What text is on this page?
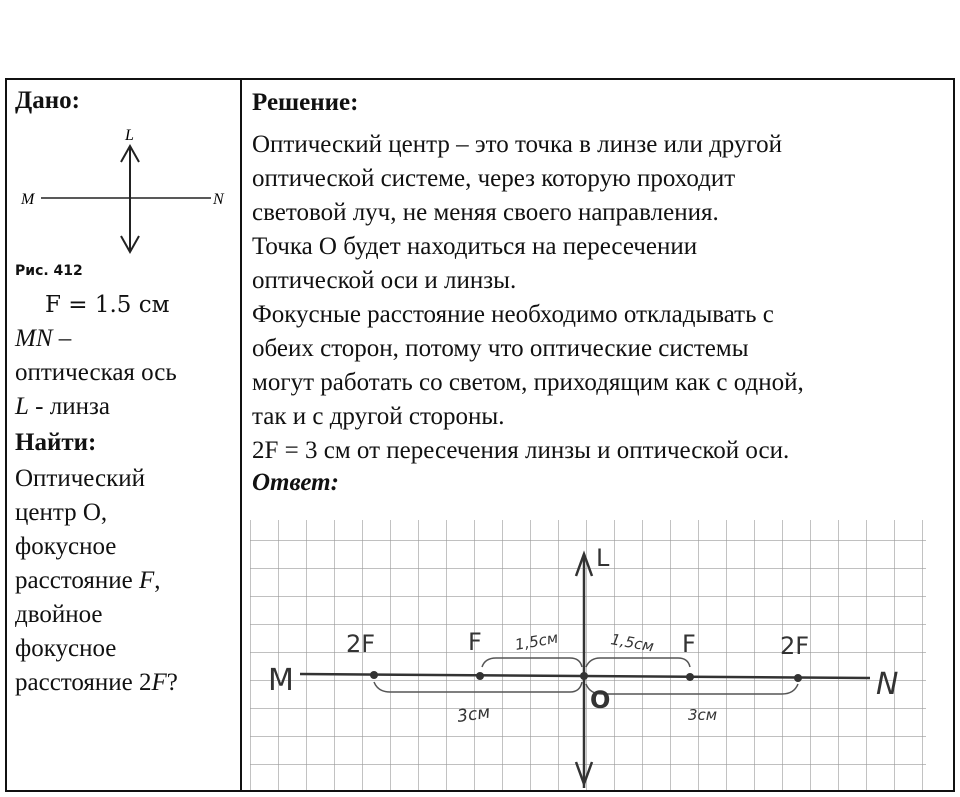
Дано:
L
M	N
Рис. 412
F = 1.5 см
MN –
оптическая ось
L - линза
Найти:
Оптический
центр О,
фокусное
расстояние F,
двойное
фокусное
расстояние 2F?
Решение:
Оптический центр – это точка в линзе или другой
оптической системе, через которую проходит
световой луч, не меняя своего направления.
Точка О будет находиться на пересечении
оптической оси и линзы.
Фокусные расстояние необходимо откладывать с
обеих сторон, потому что оптические системы
могут работать со светом, приходящим как с одной,
так и с другой стороны.
2F = 3 см от пересечения линзы и оптической оси.
Ответ:
L
M	N
O
2F	F	F	2F
1,5см	1,5см
3см	3см
